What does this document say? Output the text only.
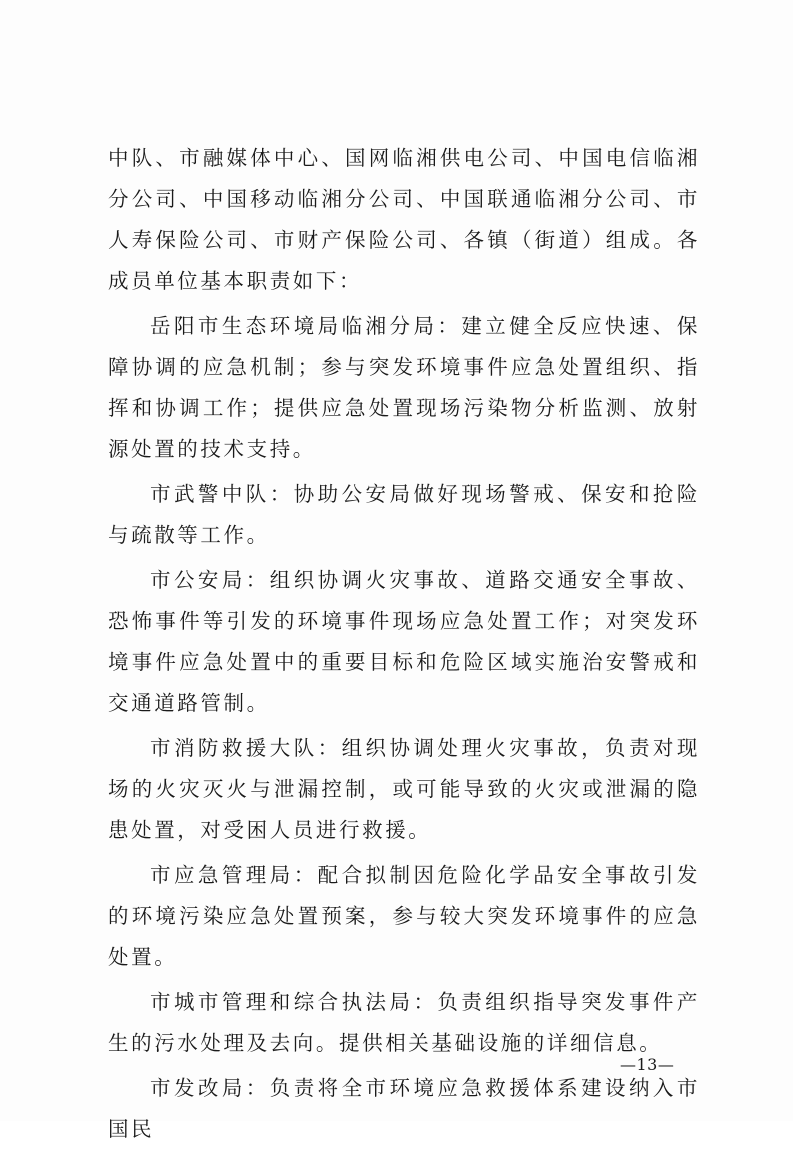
中队、市融媒体中心、国网临湘供电公司、中国电信临湘分公司、中国移动临湘分公司、中国联通临湘分公司、市人寿保险公司、市财产保险公司、各镇（街道）组成。各成员单位基本职责如下：

岳阳市生态环境局临湘分局：建立健全反应快速、保障协调的应急机制；参与突发环境事件应急处置组织、指挥和协调工作；提供应急处置现场污染物分析监测、放射源处置的技术支持。

市武警中队：协助公安局做好现场警戒、保安和抢险与疏散等工作。

市公安局：组织协调火灾事故、道路交通安全事故、恐怖事件等引发的环境事件现场应急处置工作；对突发环境事件应急处置中的重要目标和危险区域实施治安警戒和交通道路管制。

市消防救援大队：组织协调处理火灾事故，负责对现场的火灾灭火与泄漏控制，或可能导致的火灾或泄漏的隐患处置，对受困人员进行救援。

市应急管理局：配合拟制因危险化学品安全事故引发的环境污染应急处置预案，参与较大突发环境事件的应急处置。

市城市管理和综合执法局：负责组织指导突发事件产生的污水处理及去向。提供相关基础设施的详细信息。

市发改局：负责将全市环境应急救援体系建设纳入市国民

—13—
